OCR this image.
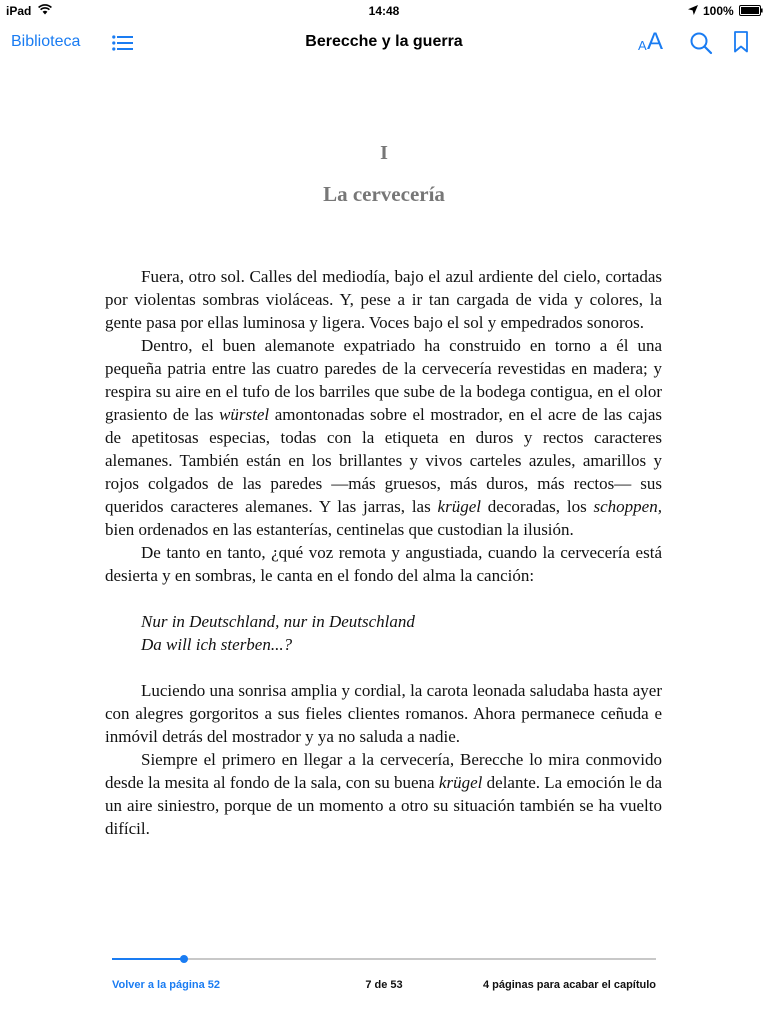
iPad	14:48	100%
Biblioteca	Berecche y la guerra	A A
I
La cervecería

Fuera, otro sol. Calles del mediodía, bajo el azul ardiente del cielo, cortadas por violentas sombras violáceas. Y, pese a ir tan cargada de vida y colores, la gente pasa por ellas luminosa y ligera. Voces bajo el sol y empedrados sonoros.

Dentro, el buen alemanote expatriado ha construido en torno a él una pequeña patria entre las cuatro paredes de la cervecería revestidas en madera; y respira su aire en el tufo de los barriles que sube de la bodega contigua, en el olor grasiento de las würstel amontonadas sobre el mostrador, en el acre de las cajas de apetitosas especias, todas con la etiqueta en duros y rectos caracteres alemanes. También están en los brillantes y vivos carteles azules, amarillos y rojos colgados de las paredes —más gruesos, más duros, más rectos— sus queridos caracteres alemanes. Y las jarras, las krügel decoradas, los schoppen, bien ordenados en las estanterías, centinelas que custodian la ilusión.

De tanto en tanto, ¿qué voz remota y angustiada, cuando la cervecería está desierta y en sombras, le canta en el fondo del alma la canción:

Nur in Deutschland, nur in Deutschland

Da will ich sterben...?

Luciendo una sonrisa amplia y cordial, la carota leonada saludaba hasta ayer con alegres gorgoritos a sus fieles clientes romanos. Ahora permanece ceñuda e inmóvil detrás del mostrador y ya no saluda a nadie.

Siempre el primero en llegar a la cervecería, Berecche lo mira conmovido desde la mesita al fondo de la sala, con su buena krügel delante. La emoción le da un aire siniestro, porque de un momento a otro su situación también se ha vuelto difícil.

Volver a la página 52	7 de 53	4 páginas para acabar el capítulo
